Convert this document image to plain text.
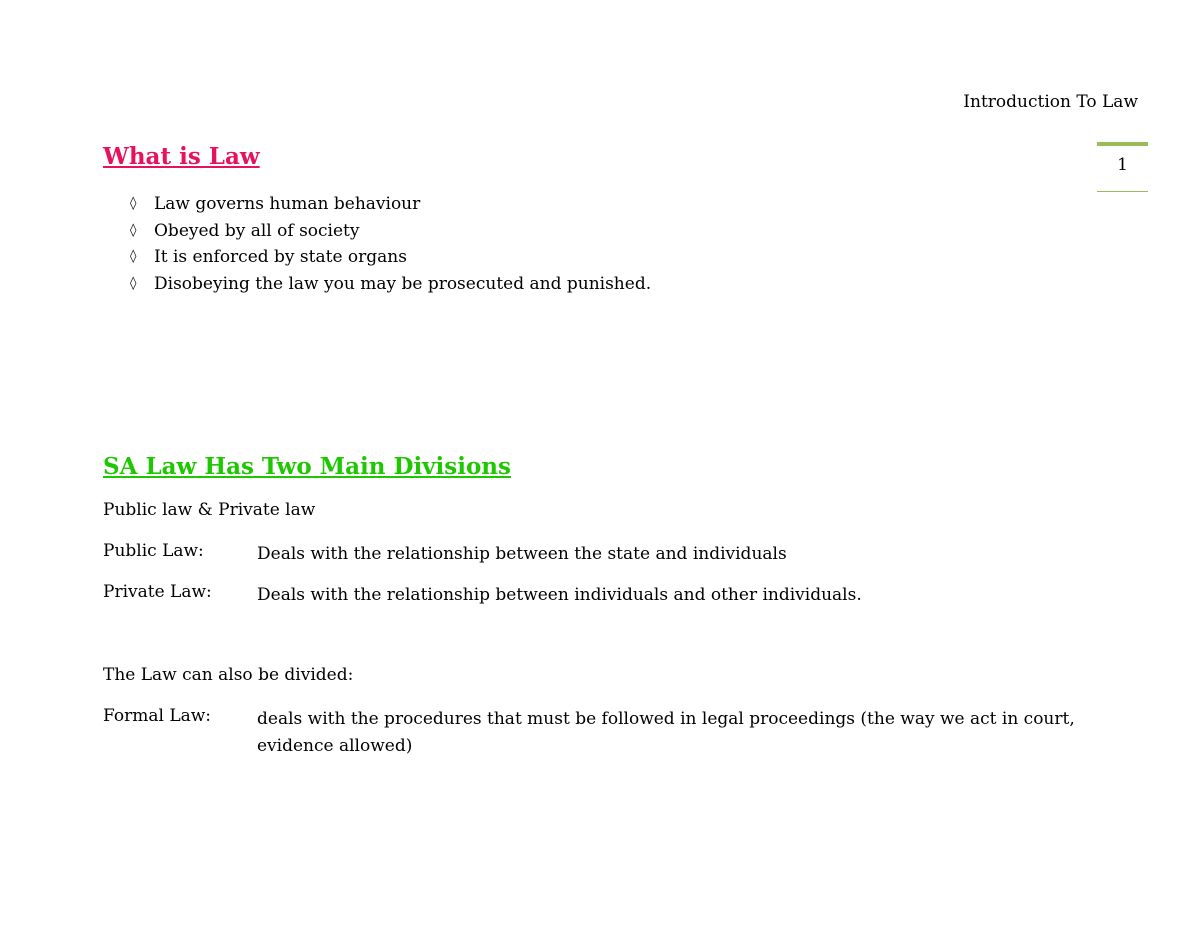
Introduction To Law
1
What is Law
◊	Law governs human behaviour
◊	Obeyed by all of society
◊	It is enforced by state organs
◊	Disobeying the law you may be prosecuted and punished.
SA Law Has Two Main Divisions
Public law & Private law
Public Law:	Deals with the relationship between the state and individuals
Private Law:	Deals with the relationship between individuals and other individuals.
The Law can also be divided:
Formal Law:	deals with the procedures that must be followed in legal proceedings (the way we act in court, evidence allowed)
